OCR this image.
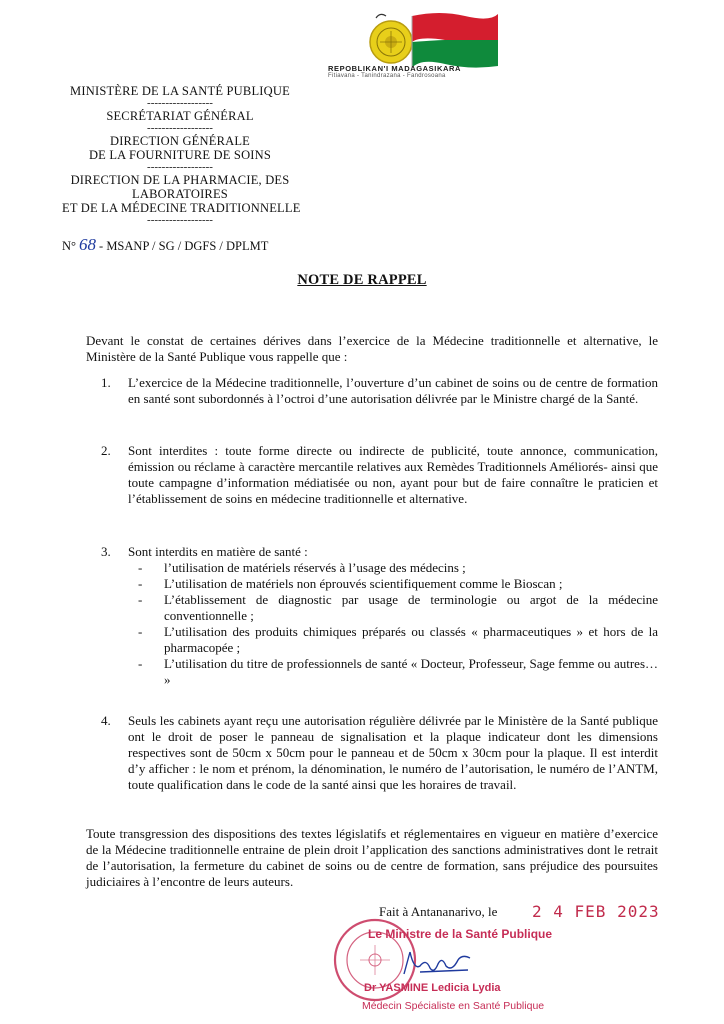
REPOBLIKAN'I MADAGASIKARA
Fitiavana - Tanindrazana - Fandrosoana
MINISTÈRE DE LA SANTÉ PUBLIQUE
------------------
SECRÉTARIAT GÉNÉRAL
------------------
DIRECTION GÉNÉRALE
DE LA FOURNITURE DE SOINS
------------------
DIRECTION DE LA PHARMACIE, DES
LABORATOIRES
ET DE LA MÉDECINE TRADITIONNELLE
------------------
N° 68 - MSANP / SG / DGFS / DPLMT
NOTE DE RAPPEL
Devant le constat de certaines dérives dans l’exercice de la Médecine traditionnelle et alternative, le Ministère de la Santé Publique vous rappelle que :
1. L’exercice de la Médecine traditionnelle, l’ouverture d’un cabinet de soins ou de centre de formation en santé sont subordonnés à l’octroi d’une autorisation délivrée par le Ministre chargé de la Santé.
2. Sont interdites : toute forme directe ou indirecte de publicité, toute annonce, communication, émission ou réclame à caractère mercantile relatives aux Remèdes Traditionnels Améliorés- ainsi que toute campagne d’information médiatisée ou non, ayant pour but de faire connaître le praticien et l’établissement de soins en médecine traditionnelle et alternative.
3. Sont interdits en matière de santé :
- l’utilisation de matériels réservés à l’usage des médecins ;
- L’utilisation de matériels non éprouvés scientifiquement comme le Bioscan ;
- L’établissement de diagnostic par usage de terminologie ou argot de la médecine conventionnelle ;
- L’utilisation des produits chimiques préparés ou classés « pharmaceutiques » et hors de la pharmacopée ;
- L’utilisation du titre de professionnels de santé « Docteur, Professeur, Sage femme ou autres… »
4. Seuls les cabinets ayant reçu une autorisation régulière délivrée par le Ministère de la Santé publique ont le droit de poser le panneau de signalisation et la plaque indicateur dont les dimensions respectives sont de 50cm x 50cm pour le panneau et de 50cm x 30cm pour la plaque. Il est interdit d’y afficher : le nom et prénom, la dénomination, le numéro de l’autorisation, le numéro de l’ANTM, toute qualification dans le code de la santé ainsi que les horaires de travail.
Toute transgression des dispositions des textes législatifs et réglementaires en vigueur en matière d’exercice de la Médecine traditionnelle entraine de plein droit l’application des sanctions administratives dont le retrait de l’autorisation, la fermeture du cabinet de soins ou de centre de formation, sans préjudice des poursuites judiciaires à l’encontre de leurs auteurs.
Fait à Antananarivo, le 2 4 FEB 2023
Le Ministre de la Santé Publique
Dr YASMINE Ledicia Lydia
Médecin Spécialiste en Santé Publique
